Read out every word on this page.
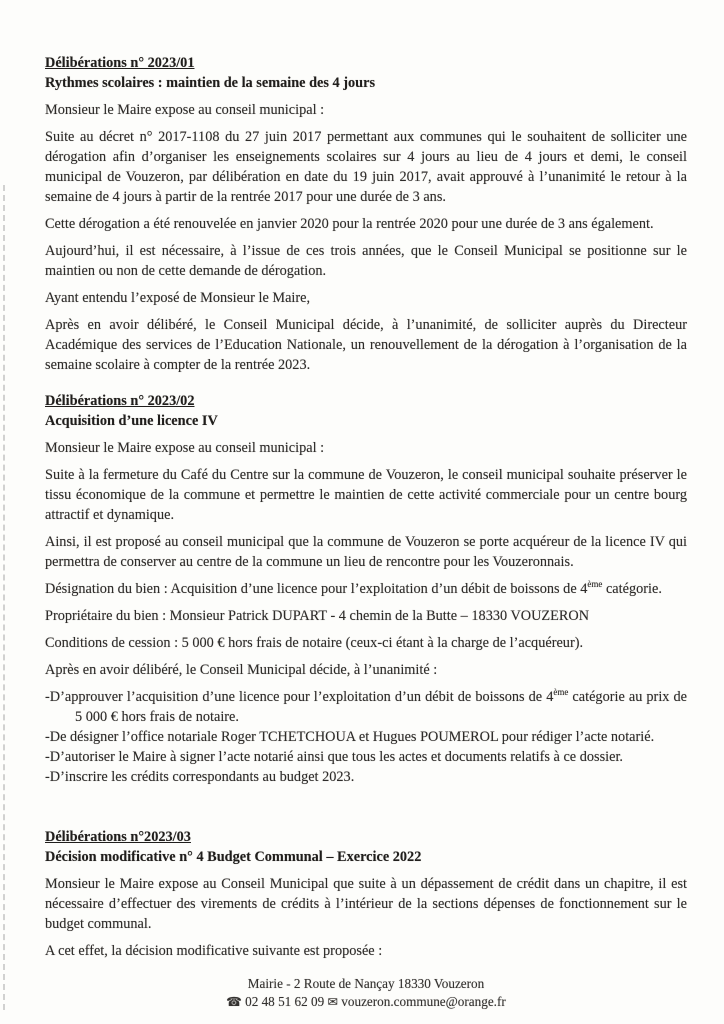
Délibérations n° 2023/01
Rythmes scolaires : maintien de la semaine des 4 jours

Monsieur le Maire expose au conseil municipal :

Suite au décret n° 2017-1108 du 27 juin 2017 permettant aux communes qui le souhaitent de solliciter une dérogation afin d’organiser les enseignements scolaires sur 4 jours au lieu de 4 jours et demi, le conseil municipal de Vouzeron, par délibération en date du 19 juin 2017, avait approuvé à l’unanimité le retour à la semaine de 4 jours à partir de la rentrée 2017 pour une durée de 3 ans.

Cette dérogation a été renouvelée en janvier 2020 pour la rentrée 2020 pour une durée de 3 ans également.

Aujourd’hui, il est nécessaire, à l’issue de ces trois années, que le Conseil Municipal se positionne sur le maintien ou non de cette demande de dérogation.

Ayant entendu l’exposé de Monsieur le Maire,

Après en avoir délibéré, le Conseil Municipal décide, à l’unanimité, de solliciter auprès du Directeur Académique des services de l’Education Nationale, un renouvellement de la dérogation à l’organisation de la semaine scolaire à compter de la rentrée 2023.

Délibérations n° 2023/02
Acquisition d’une licence IV

Monsieur le Maire expose au conseil municipal :

Suite à la fermeture du Café du Centre sur la commune de Vouzeron, le conseil municipal souhaite préserver le tissu économique de la commune et permettre le maintien de cette activité commerciale pour un centre bourg attractif et dynamique.

Ainsi, il est proposé au conseil municipal que la commune de Vouzeron se porte acquéreur de la licence IV qui permettra de conserver au centre de la commune un lieu de rencontre pour les Vouzeronnais.

Désignation du bien : Acquisition d’une licence pour l’exploitation d’un débit de boissons de 4ème catégorie.

Propriétaire du bien : Monsieur Patrick DUPART - 4 chemin de la Butte – 18330 VOUZERON

Conditions de cession : 5 000 € hors frais de notaire (ceux-ci étant à la charge de l’acquéreur).

Après en avoir délibéré, le Conseil Municipal décide, à l’unanimité :

-D’approuver l’acquisition d’une licence pour l’exploitation d’un débit de boissons de 4ème catégorie au prix de

5 000 € hors frais de notaire.

-De désigner l’office notariale Roger TCHETCHOUA et Hugues POUMEROL pour rédiger l’acte notarié.

-D’autoriser le Maire à signer l’acte notarié ainsi que tous les actes et documents relatifs à ce dossier.

-D’inscrire les crédits correspondants au budget 2023.

Délibérations n°2023/03
Décision modificative n° 4 Budget Communal – Exercice 2022

Monsieur le Maire expose au Conseil Municipal que suite à un dépassement de crédit dans un chapitre, il est nécessaire d’effectuer des virements de crédits à l’intérieur de la sections dépenses de fonctionnement sur le budget communal.

A cet effet, la décision modificative suivante est proposée :

Mairie - 2 Route de Nançay 18330 Vouzeron
☎ 02 48 51 62 09 ✉ vouzeron.commune@orange.fr
